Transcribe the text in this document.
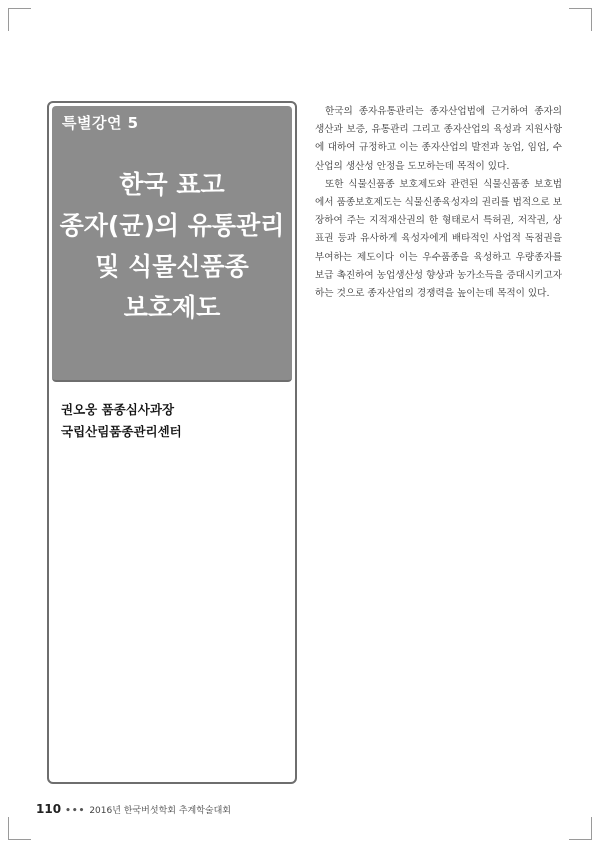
특별강연 5
한국 표고
종자(균)의 유통관리
및 식물신품종
보호제도
권오웅 품종심사과장
국립산림품종관리센터

한국의 종자유통관리는 종자산업법에 근거하여 종자의 생산과 보증, 유통관리 그리고 종자산업의 육성과 지원사항에 대하여 규정하고 이는 종자산업의 발전과 농업, 임업, 수산업의 생산성 안정을 도모하는데 목적이 있다.

또한 식물신품종 보호제도와 관련된 식물신품종 보호법에서 품종보호제도는 식물신종육성자의 권리를 법적으로 보장하여 주는 지적재산권의 한 형태로서 특허권, 저작권, 상표권 등과 유사하게 육성자에게 배타적인 사업적 독점권을 부여하는 제도이다 이는 우수품종을 육성하고 우량종자를 보급 촉진하여 농업생산성 향상과 농가소득을 증대시키고자하는 것으로 종자산업의 경쟁력을 높이는데 목적이 있다.

110 ••• 2016년 한국버섯학회 추계학술대회
